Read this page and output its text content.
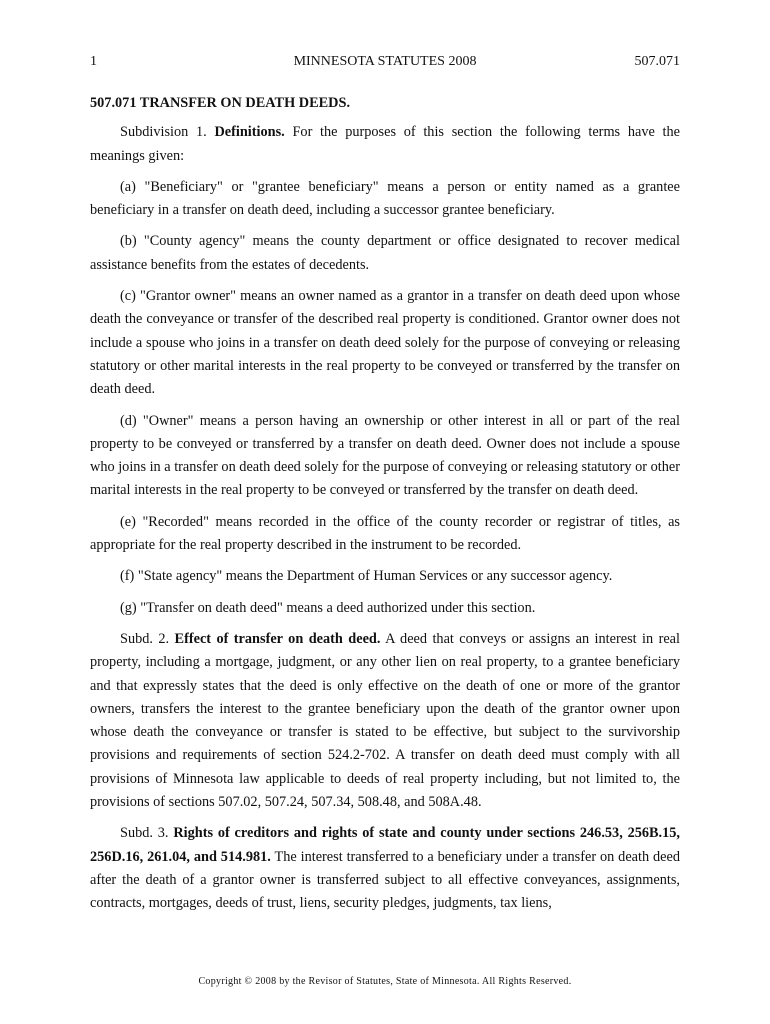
1	MINNESOTA STATUTES 2008	507.071

507.071 TRANSFER ON DEATH DEEDS.

Subdivision 1. Definitions. For the purposes of this section the following terms have the meanings given:

(a) "Beneficiary" or "grantee beneficiary" means a person or entity named as a grantee beneficiary in a transfer on death deed, including a successor grantee beneficiary.

(b) "County agency" means the county department or office designated to recover medical assistance benefits from the estates of decedents.

(c) "Grantor owner" means an owner named as a grantor in a transfer on death deed upon whose death the conveyance or transfer of the described real property is conditioned. Grantor owner does not include a spouse who joins in a transfer on death deed solely for the purpose of conveying or releasing statutory or other marital interests in the real property to be conveyed or transferred by the transfer on death deed.

(d) "Owner" means a person having an ownership or other interest in all or part of the real property to be conveyed or transferred by a transfer on death deed. Owner does not include a spouse who joins in a transfer on death deed solely for the purpose of conveying or releasing statutory or other marital interests in the real property to be conveyed or transferred by the transfer on death deed.

(e) "Recorded" means recorded in the office of the county recorder or registrar of titles, as appropriate for the real property described in the instrument to be recorded.

(f) "State agency" means the Department of Human Services or any successor agency.

(g) "Transfer on death deed" means a deed authorized under this section.

Subd. 2. Effect of transfer on death deed. A deed that conveys or assigns an interest in real property, including a mortgage, judgment, or any other lien on real property, to a grantee beneficiary and that expressly states that the deed is only effective on the death of one or more of the grantor owners, transfers the interest to the grantee beneficiary upon the death of the grantor owner upon whose death the conveyance or transfer is stated to be effective, but subject to the survivorship provisions and requirements of section 524.2-702. A transfer on death deed must comply with all provisions of Minnesota law applicable to deeds of real property including, but not limited to, the provisions of sections 507.02, 507.24, 507.34, 508.48, and 508A.48.

Subd. 3. Rights of creditors and rights of state and county under sections 246.53, 256B.15, 256D.16, 261.04, and 514.981. The interest transferred to a beneficiary under a transfer on death deed after the death of a grantor owner is transferred subject to all effective conveyances, assignments, contracts, mortgages, deeds of trust, liens, security pledges, judgments, tax liens,

Copyright © 2008 by the Revisor of Statutes, State of Minnesota. All Rights Reserved.
